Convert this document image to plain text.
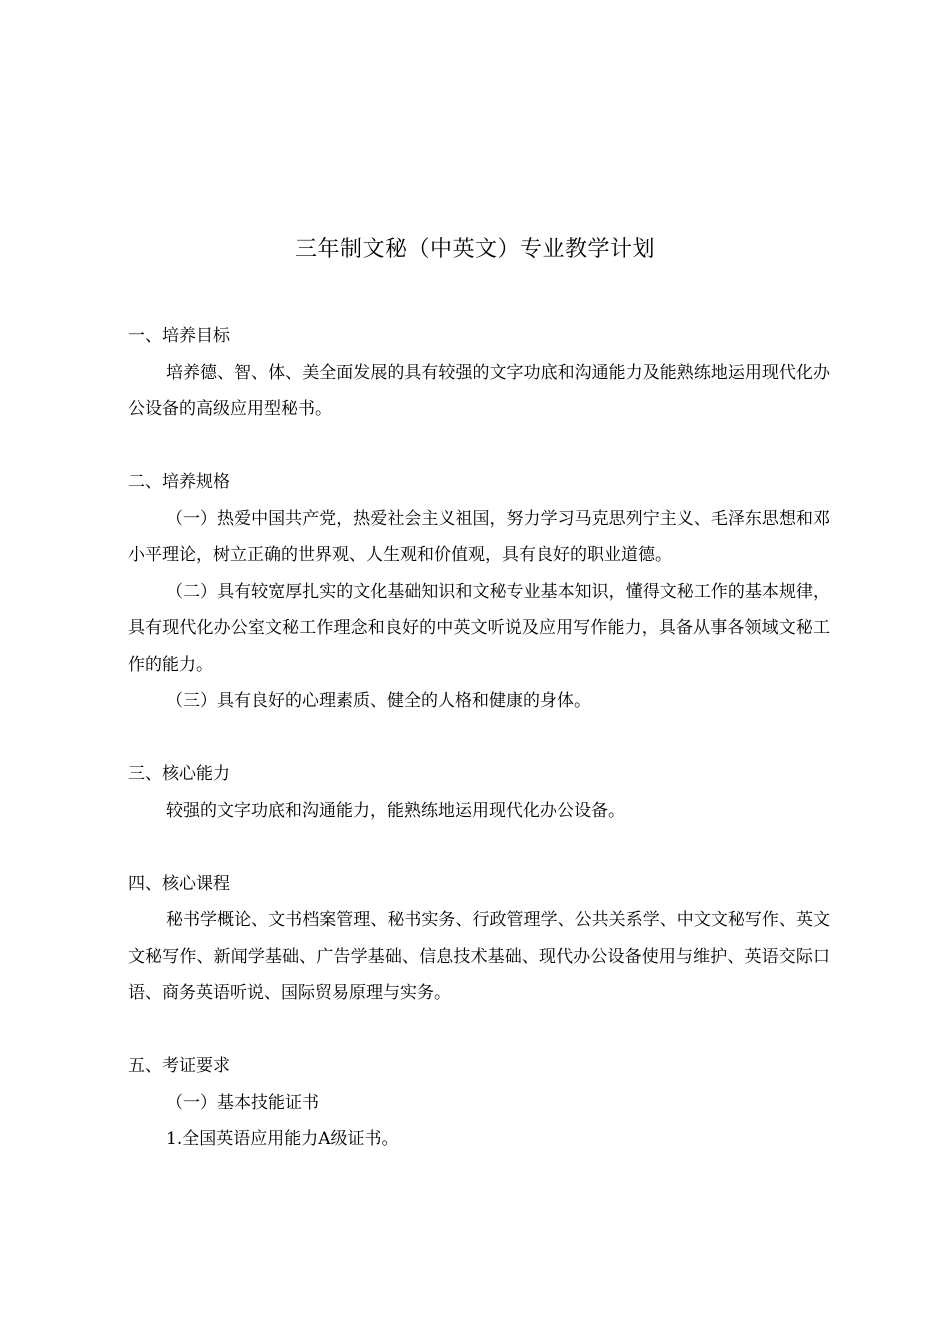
三年制文秘（中英文）专业教学计划

一、培养目标

培养德、智、体、美全面发展的具有较强的文字功底和沟通能力及能熟练地运用现代化办公设备的高级应用型秘书。

二、培养规格

（一）热爱中国共产党，热爱社会主义祖国，努力学习马克思列宁主义、毛泽东思想和邓小平理论，树立正确的世界观、人生观和价值观，具有良好的职业道德。

（二）具有较宽厚扎实的文化基础知识和文秘专业基本知识，懂得文秘工作的基本规律，具有现代化办公室文秘工作理念和良好的中英文听说及应用写作能力，具备从事各领域文秘工作的能力。

（三）具有良好的心理素质、健全的人格和健康的身体。

三、核心能力

较强的文字功底和沟通能力，能熟练地运用现代化办公设备。

四、核心课程

秘书学概论、文书档案管理、秘书实务、行政管理学、公共关系学、中文文秘写作、英文文秘写作、新闻学基础、广告学基础、信息技术基础、现代办公设备使用与维护、英语交际口语、商务英语听说、国际贸易原理与实务。

五、考证要求

（一）基本技能证书

1.全国英语应用能力A级证书。
